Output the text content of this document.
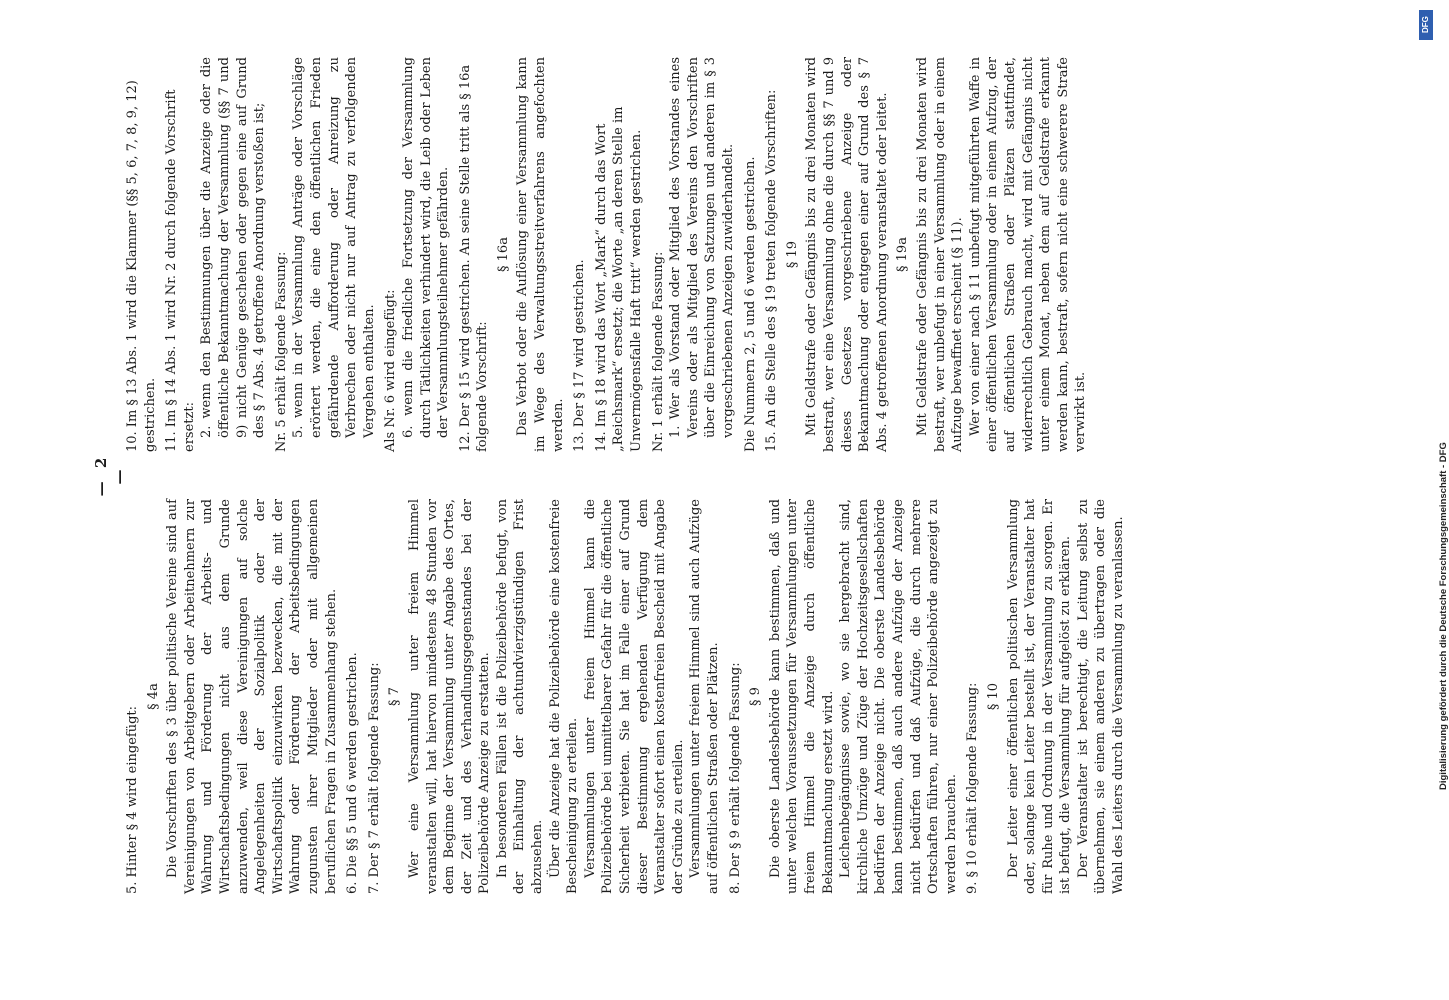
— 2 —

5. Hinter § 4 wird eingefügt:

§ 4a Die Vorschriften des § 3 über politische Vereine sind auf Vereinigungen von Arbeitgebern oder Arbeitnehmern zur Wahrung und Förderung der Arbeits- und Wirtschaftsbedingungen nicht aus dem Grunde anzuwenden, weil diese Vereinigungen auf solche Angelegenheiten der Sozialpolitik oder der Wirtschaftspolitik einzuwirken bezwecken, die mit der Wahrung oder Förderung der Arbeitsbedingungen zugunsten ihrer Mitglieder oder mit allgemeinen beruflichen Fragen in Zusammenhang stehen. 6. Die §§ 5 und 6 werden gestrichen. 7. Der § 7 erhält folgende Fassung: § 7 Wer eine Versammlung unter freiem Himmel veranstalten will, hat hiervon mindestens 48 Stunden vor dem Beginne der Versammlung unter Angabe des Ortes, der Zeit und des Verhandlungsgegenstandes bei der Polizeibehörde Anzeige zu erstatten. In besonderen Fällen ist die Polizeibehörde befugt, von der Einhaltung der achtundvierzigstündigen Frist abzusehen. Über die Anzeige hat die Polizeibehörde eine kostenfreie Bescheinigung zu erteilen. Versammlungen unter freiem Himmel kann die Polizeibehörde bei unmittelbarer Gefahr für die öffentliche Sicherheit verbieten. Sie hat im Falle einer auf Grund dieser Bestimmung ergehenden Verfügung dem Veranstalter sofort einen kostenfreien Bescheid mit Angabe der Gründe zu erteilen. Versammlungen unter freiem Himmel sind auch Aufzüge auf öffentlichen Straßen oder Plätzen. 8. Der § 9 erhält folgende Fassung: § 9 Die oberste Landesbehörde kann bestimmen, daß und unter welchen Voraussetzungen für Versammlungen unter freiem Himmel die Anzeige durch öffentliche Bekanntmachung ersetzt wird. Leichenbegängnisse sowie, wo sie hergebracht sind, kirchliche Umzüge und Züge der Hochzeitsgesellschaften bedürfen der Anzeige nicht. Die oberste Landesbehörde kann bestimmen, daß auch andere Aufzüge der Anzeige nicht bedürfen und daß Aufzüge, die durch mehrere Ortschaften führen, nur einer Polizeibehörde angezeigt zu werden brauchen. 9. § 10 erhält folgende Fassung: § 10 Der Leiter einer öffentlichen politischen Versammlung oder, solange kein Leiter bestellt ist, der Veranstalter hat für Ruhe und Ordnung in der Versammlung zu sorgen. Er ist befugt, die Versammlung für aufgelöst zu erklären. Der Veranstalter ist berechtigt, die Leitung selbst zu übernehmen, sie einem anderen zu übertragen oder die Wahl des Leiters durch die Versammlung zu veranlassen.

10. Im § 13 Abs. 1 wird die Klammer (§§ 5, 6, 7, 8, 9, 12) gestrichen. 11. Im § 14 Abs. 1 wird Nr. 2 durch folgende Vorschrift ersetzt: 2. wenn den Bestimmungen über die Anzeige oder die öffentliche Bekanntmachung der Versammlung (§§ 7 und 9) nicht Genüge geschehen oder gegen eine auf Grund des § 7 Abs. 4 getroffene Anordnung verstoßen ist; Nr. 5 erhält folgende Fassung: 5. wenn in der Versammlung Anträge oder Vorschläge erörtert werden, die eine den öffentlichen Frieden gefährdende Aufforderung oder Anreizung zu Verbrechen oder nicht nur auf Antrag zu verfolgenden Vergehen enthalten. Als Nr. 6 wird eingefügt: 6. wenn die friedliche Fortsetzung der Versammlung durch Tätlichkeiten verhindert wird, die Leib oder Leben der Versammlungsteilnehmer gefährden. 12. Der § 15 wird gestrichen. An seine Stelle tritt als § 16a folgende Vorschrift:

§ 16a Das Verbot oder die Auflösung einer Versammlung kann im Wege des Verwaltungsstreitverfahrens angefochten werden. 13. Der § 17 wird gestrichen. 14. Im § 18 wird das Wort „Mark“ durch das Wort „Reichsmark“ ersetzt; die Worte „an deren Stelle im Unvermögensfalle Haft tritt“ werden gestrichen. Nr. 1 erhält folgende Fassung: 1. Wer als Vorstand oder Mitglied des Vorstandes eines Vereins oder als Mitglied des Vereins den Vorschriften über die Einreichung von Satzungen und anderen im § 3 vorgeschriebenen Anzeigen zuwiderhandelt. Die Nummern 2, 5 und 6 werden gestrichen. 15. An die Stelle des § 19 treten folgende Vorschriften: § 19 Mit Geldstrafe oder Gefängnis bis zu drei Monaten wird bestraft, wer eine Versammlung ohne die durch §§ 7 und 9 dieses Gesetzes vorgeschriebene Anzeige oder Bekanntmachung oder entgegen einer auf Grund des § 7 Abs. 4 getroffenen Anordnung veranstaltet oder leitet. § 19a Mit Geldstrafe oder Gefängnis bis zu drei Monaten wird bestraft, wer unbefugt in einer Versammlung oder in einem Aufzuge bewaffnet erscheint (§ 11). Wer von einer nach § 11 unbefugt mitgeführten Waffe in einer öffentlichen Versammlung oder in einem Aufzug, der auf öffentlichen Straßen oder Plätzen stattfindet, widerrechtlich Gebrauch macht, wird mit Gefängnis nicht unter einem Monat, neben dem auf Geldstrafe erkannt werden kann, bestraft, sofern nicht eine schwerere Strafe verwirkt ist.

DFG
Digitalisierung gefördert durch die Deutsche Forschungsgemeinschaft - DFG
